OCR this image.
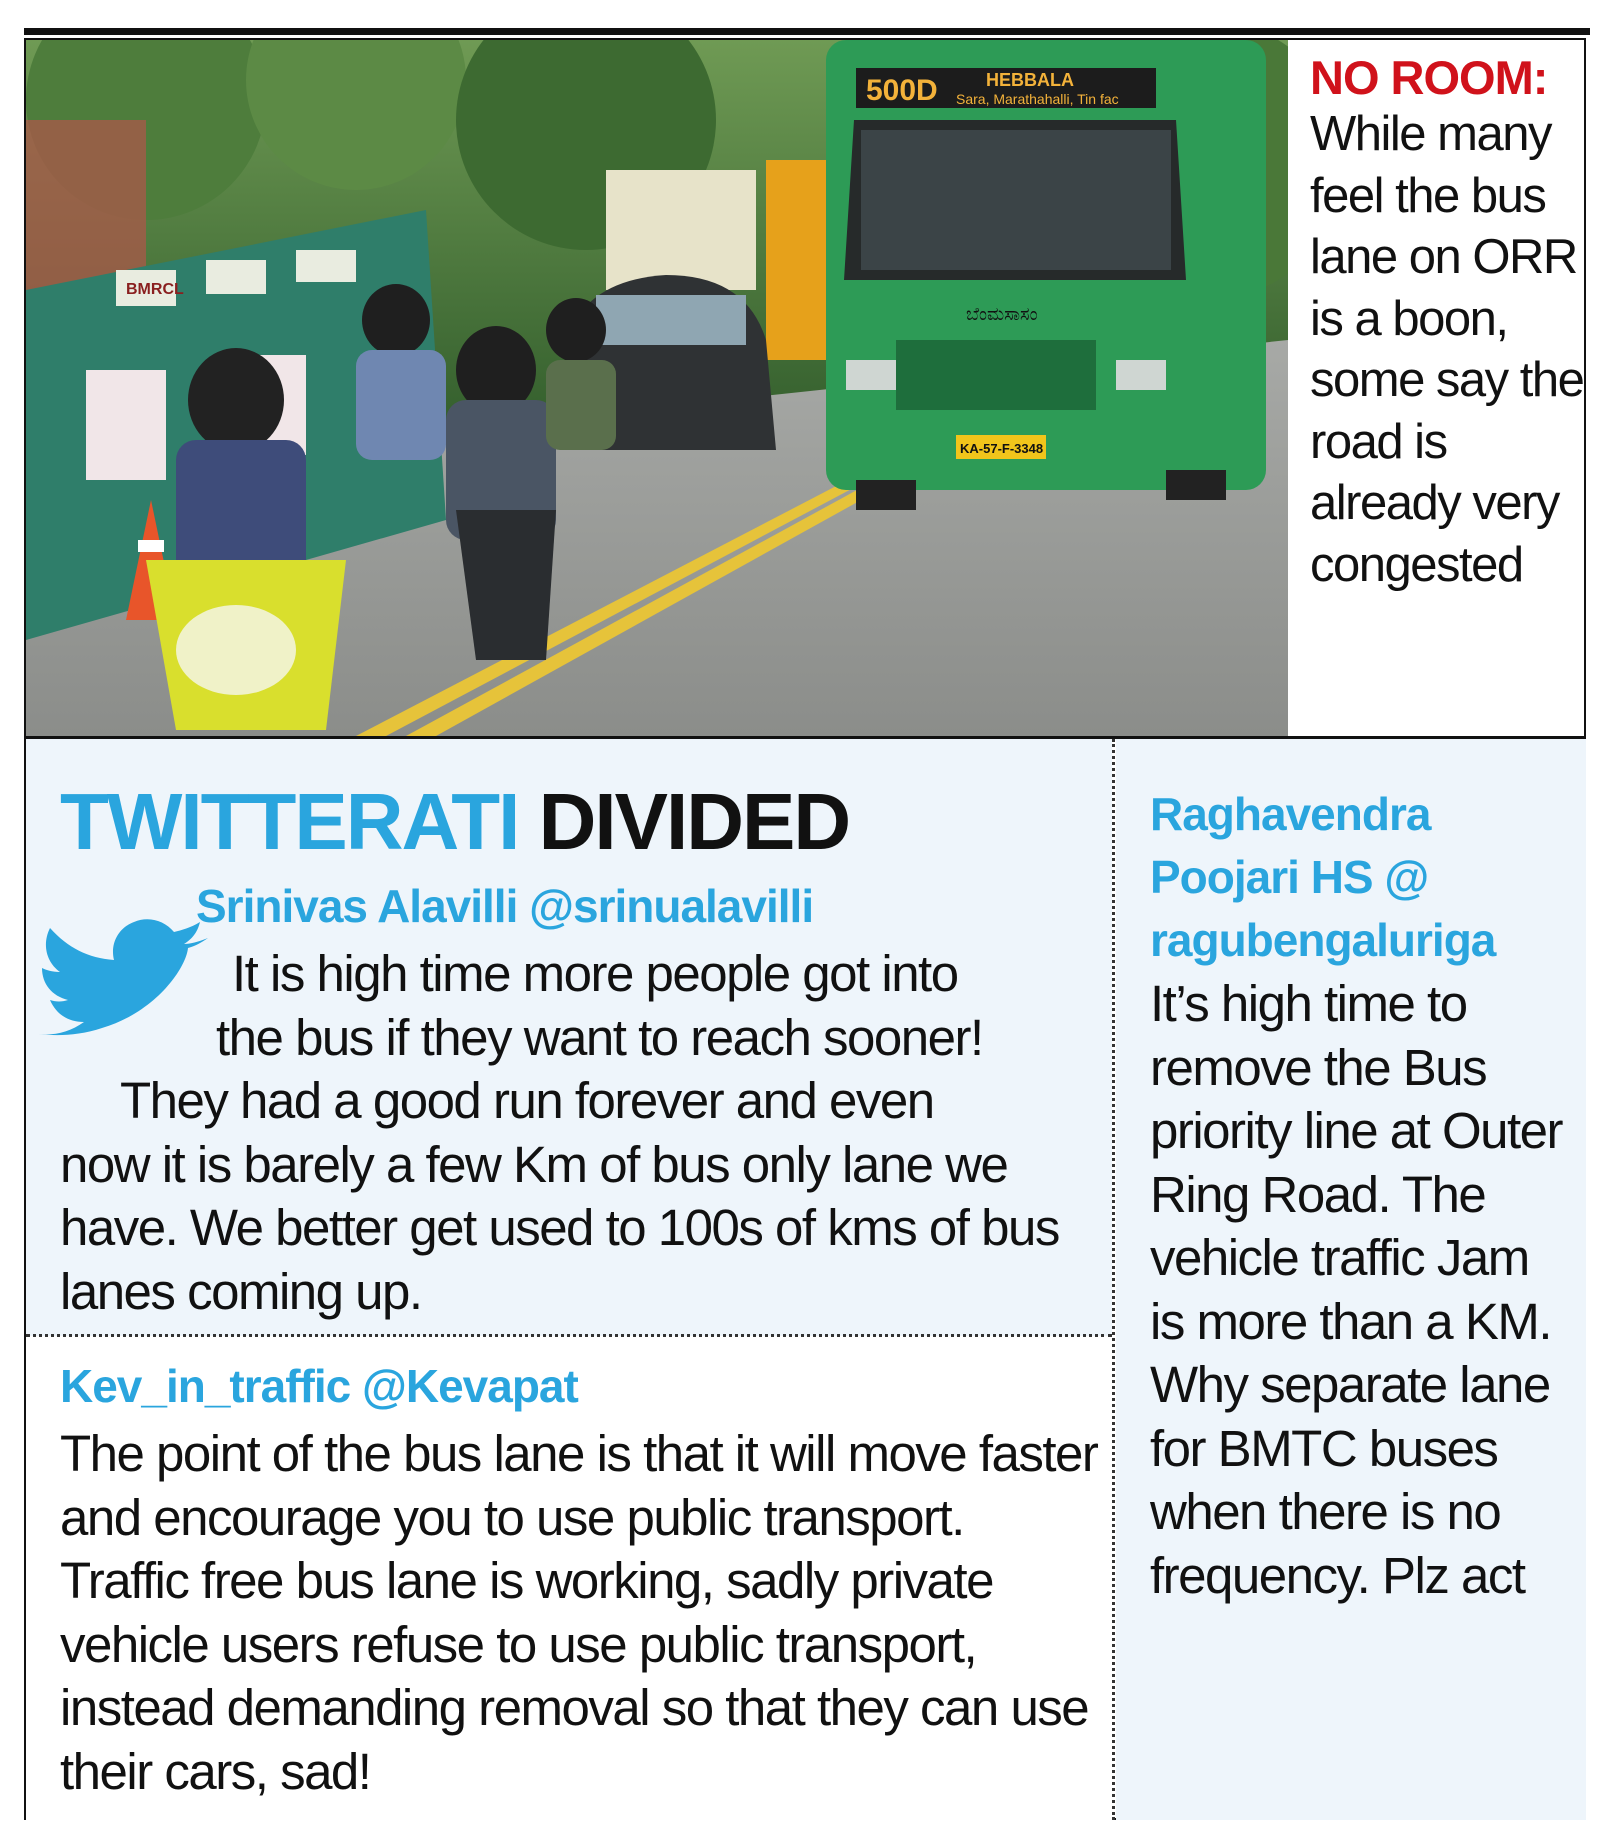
BMRCL
500D	HEBBALA
Sara, Marathahalli, Tin fac
ಬೆಂಮಸಾಸಂ
KA-57-F-3348
NO ROOM:
While many feel the bus lane on ORR is a boon, some say the road is already very congested
TWITTERATI DIVIDED
Srinivas Alavilli @srinualavilli
It is high time more people got into
the bus if they want to reach sooner!
They had a good run forever and even
now it is barely a few Km of bus only lane we have. We better get used to 100s of kms of bus lanes coming up.
Kev_in_traffic @Kevapat
The point of the bus lane is that it will move faster and encourage you to use public transport. Traffic free bus lane is working, sadly private vehicle users refuse to use public transport, instead demanding removal so that they can use their cars, sad!
Raghavendra Poojari HS @ ragubengaluriga
It’s high time to remove the Bus priority line at Outer Ring Road. The vehicle traffic Jam is more than a KM. Why separate lane for BMTC buses when there is no frequency. Plz act
